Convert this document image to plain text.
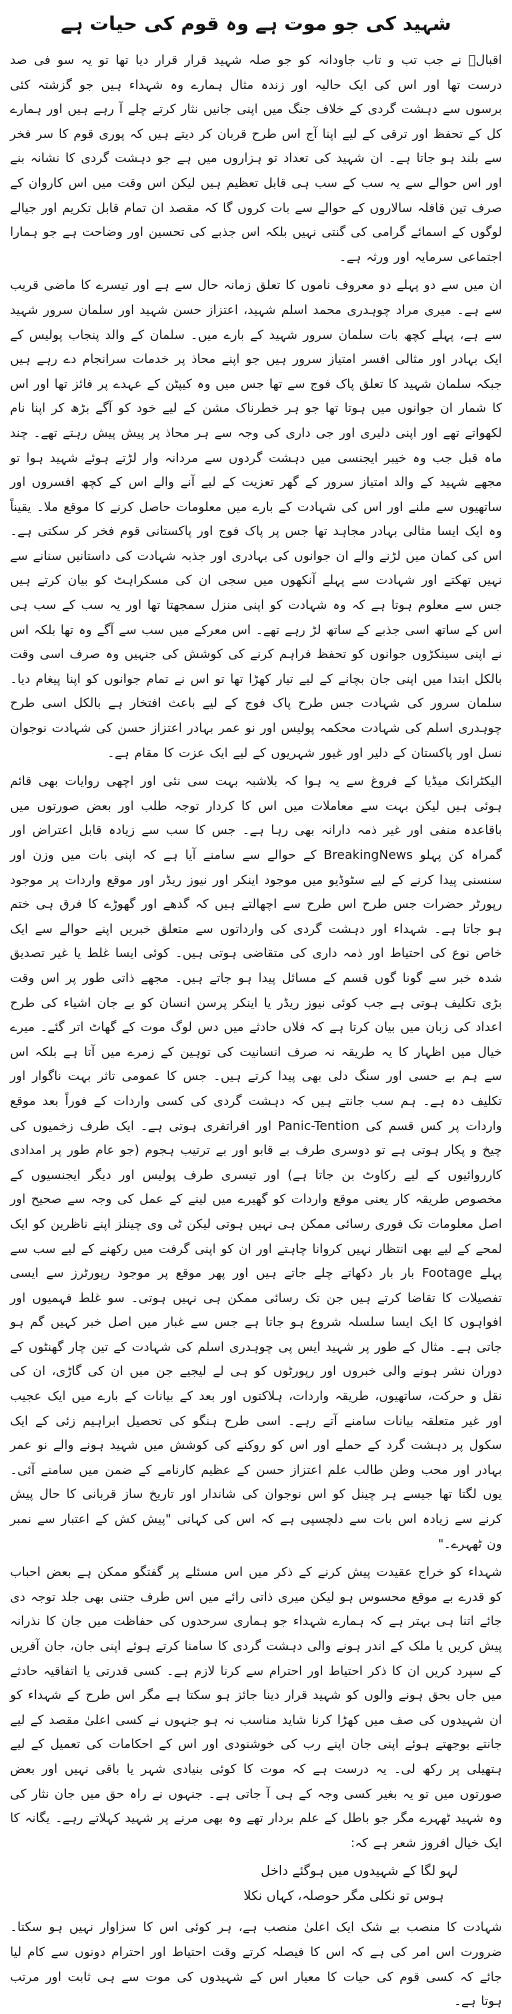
شہید کی جو موت ہے وہ قوم کی حیات ہے

اقبالؒ نے جب تب و تاب جاودانہ کو جو صلہ شہید قرار قرار دیا تھا تو یہ سو فی صد درست تھا اور اس کی ایک حالیہ اور زندہ مثال ہمارے وہ شہداء ہیں جو گزشتہ کئی برسوں سے دہشت گردی کے خلاف جنگ میں اپنی جانیں نثار کرتے چلے آ رہے ہیں اور ہمارے کل کے تحفظ اور ترقی کے لیے اپنا آج اس طرح قربان کر دیتے ہیں کہ پوری قوم کا سر فخر سے بلند ہو جاتا ہے۔ ان شہید کی تعداد تو ہزاروں میں ہے جو دہشت گردی کا نشانہ بنے اور اس حوالے سے یہ سب کے سب ہی قابل تعظیم ہیں لیکن اس وقت میں اس کاروان کے صرف تین قافلہ سالاروں کے حوالے سے بات کروں گا کہ مقصد ان تمام قابل تکریم اور جیالے لوگوں کے اسمائے گرامی کی گنتی نہیں بلکہ اس جذبے کی تحسین اور وضاحت ہے جو ہمارا اجتماعی سرمایہ اور ورثہ ہے۔

ان میں سے دو پہلے دو معروف ناموں کا تعلق زمانہ حال سے ہے اور تیسرے کا ماضی قریب سے ہے۔ میری مراد چوہدری محمد اسلم شہید، اعتزاز حسن شہید اور سلمان سرور شہید سے ہے، پہلے کچھ بات سلمان سرور شہید کے بارے میں۔ سلمان کے والد پنجاب پولیس کے ایک بہادر اور مثالی افسر امتیاز سرور ہیں جو اپنے محاذ پر خدمات سرانجام دے رہے ہیں جبکہ سلمان شہید کا تعلق پاک فوج سے تھا جس میں وہ کیپٹن کے عہدے پر فائز تھا اور اس کا شمار ان جوانوں میں ہوتا تھا جو ہر خطرناک مشن کے لیے خود کو آگے بڑھ کر اپنا نام لکھواتے تھے اور اپنی دلیری اور جی داری کی وجہ سے ہر محاذ پر پیش پیش رہتے تھے۔ چند ماہ قبل جب وہ خیبر ایجنسی میں دہشت گردوں سے مردانہ وار لڑتے ہوئے شہید ہوا تو مجھے شہید کے والد امتیاز سرور کے گھر تعزیت کے لیے آنے والے اس کے کچھ افسروں اور ساتھیوں سے ملنے اور اس کی شہادت کے بارے میں معلومات حاصل کرنے کا موقع ملا۔ یقیناً وہ ایک ایسا مثالی بہادر مجاہد تھا جس پر پاک فوج اور پاکستانی قوم فخر کر سکتی ہے۔ اس کی کمان میں لڑنے والے ان جوانوں کی بہادری اور جذبہ شہادت کی داستانیں سنانے سے نہیں تھکتے اور شہادت سے پہلے آنکھوں میں سجی ان کی مسکراہٹ کو بیان کرتے ہیں جس سے معلوم ہوتا ہے کہ وہ شہادت کو اپنی منزل سمجھتا تھا اور یہ سب کے سب ہی اس کے ساتھ اسی جذبے کے ساتھ لڑ رہے تھے۔ اس معرکے میں سب سے آگے وہ تھا بلکہ اس نے اپنی سینکڑوں جوانوں کو تحفظ فراہم کرنے کی کوشش کی جنہیں وہ صرف اسی وقت بالکل ابتدا میں اپنی جان بچانے کے لیے تیار کھڑا تھا تو اس نے تمام جوانوں کو اپنا پیغام دیا۔ سلمان سرور کی شہادت جس طرح پاک فوج کے لیے باعث افتخار ہے بالکل اسی طرح چوہدری اسلم کی شہادت محکمہ پولیس اور نو عمر بہادر اعتزاز حسن کی شہادت نوجوان نسل اور پاکستان کے دلیر اور غیور شہریوں کے لیے ایک عزت کا مقام ہے۔

الیکٹرانک میڈیا کے فروغ سے یہ ہوا کہ بلاشبہ بہت سی نئی اور اچھی روایات بھی قائم ہوئی ہیں لیکن بہت سے معاملات میں اس کا کردار توجہ طلب اور بعض صورتوں میں باقاعدہ منفی اور غیر ذمہ دارانہ بھی رہا ہے۔ جس کا سب سے زیادہ قابل اعتراض اور گمراہ کن پہلو BreakingNews کے حوالے سے سامنے آیا ہے کہ اپنی بات میں وزن اور سنسنی پیدا کرنے کے لیے سٹوڈیو میں موجود اینکر اور نیوز ریڈر اور موقع واردات پر موجود رپورٹر حضرات جس طرح اس طرح سے اچھالتے ہیں کہ گدھے اور گھوڑے کا فرق ہی ختم ہو جاتا ہے۔ شہداء اور دہشت گردی کی وارداتوں سے متعلق خبریں اپنے حوالے سے ایک خاص نوع کی احتیاط اور ذمہ داری کی متقاضی ہوتی ہیں۔ کوئی ایسا غلط یا غیر تصدیق شدہ خبر سے گونا گوں قسم کے مسائل پیدا ہو جاتے ہیں۔ مجھے ذاتی طور پر اس وقت بڑی تکلیف ہوتی ہے جب کوئی نیوز ریڈر یا اینکر پرسن انسان کو بے جان اشیاء کی طرح اعداد کی زبان میں بیان کرتا ہے کہ فلاں حادثے میں دس لوگ موت کے گھاٹ اتر گئے۔ میرے خیال میں اظہار کا یہ طریقہ نہ صرف انسانیت کی توہین کے زمرے میں آتا ہے بلکہ اس سے ہم بے حسی اور سنگ دلی بھی پیدا کرتے ہیں۔ جس کا عمومی تاثر بہت ناگوار اور تکلیف دہ ہے۔ ہم سب جانتے ہیں کہ دہشت گردی کی کسی واردات کے فوراً بعد موقع واردات پر کس قسم کی Panic-Tention اور افراتفری ہوتی ہے۔ ایک طرف زخمیوں کی چیخ و پکار ہوتی ہے تو دوسری طرف بے قابو اور بے ترتیب ہجوم (جو عام طور پر امدادی کارروائیوں کے لیے رکاوٹ بن جاتا ہے) اور تیسری طرف پولیس اور دیگر ایجنسیوں کے مخصوص طریقہ کار یعنی موقع واردات کو گھیرے میں لینے کے عمل کی وجہ سے صحیح اور اصل معلومات تک فوری رسائی ممکن ہی نہیں ہوتی لیکن ٹی وی چینلز اپنے ناظرین کو ایک لمحے کے لیے بھی انتظار نہیں کروانا چاہتے اور ان کو اپنی گرفت میں رکھنے کے لیے سب سے پہلے Footage بار بار دکھاتے چلے جاتے ہیں اور پھر موقع پر موجود رپورٹرز سے ایسی تفصیلات کا تقاضا کرتے ہیں جن تک رسائی ممکن ہی نہیں ہوتی۔ سو غلط فہمیوں اور افواہوں کا ایک ایسا سلسلہ شروع ہو جاتا ہے جس سے غبار میں اصل خبر کہیں گم ہو جاتی ہے۔ مثال کے طور پر شہید ایس پی چوہدری اسلم کی شہادت کے تین چار گھنٹوں کے دوران نشر ہونے والی خبروں اور رپورٹوں کو ہی لے لیجیے جن میں ان کی گاڑی، ان کی نقل و حرکت، ساتھیوں، طریقہ واردات، ہلاکتوں اور بعد کے بیانات کے بارے میں ایک عجیب اور غیر متعلقہ بیانات سامنے آتے رہے۔ اسی طرح ہنگو کی تحصیل ابراہیم زئی کے ایک سکول پر دہشت گرد کے حملے اور اس کو روکنے کی کوشش میں شہید ہونے والے نو عمر بہادر اور محب وطن طالب علم اعتزاز حسن کے عظیم کارنامے کے ضمن میں سامنے آئی۔ یوں لگتا تھا جیسے ہر چینل کو اس نوجوان کی شاندار اور تاریخ ساز قربانی کا حال پیش کرنے سے زیادہ اس بات سے دلچسپی ہے کہ اس کی کہانی "پیش کش کے اعتبار سے نمبر ون ٹھہرے۔"

شہداء کو خراج عقیدت پیش کرنے کے ذکر میں اس مسئلے پر گفتگو ممکن ہے بعض احباب کو قدرے بے موقع محسوس ہو لیکن میری ذاتی رائے میں اس طرف جتنی بھی جلد توجہ دی جائے اتنا ہی بہتر ہے کہ ہمارے شہداء جو ہماری سرحدوں کی حفاظت میں جان کا نذرانہ پیش کریں یا ملک کے اندر ہونے والی دہشت گردی کا سامنا کرتے ہوئے اپنی جان، جان آفریں کے سپرد کریں ان کا ذکر احتیاط اور احترام سے کرنا لازم ہے۔ کسی قدرتی یا اتفاقیہ حادثے میں جاں بحق ہونے والوں کو شہید قرار دینا جائز ہو سکتا ہے مگر اس طرح کے شہداء کو ان شہیدوں کی صف میں کھڑا کرنا شاید مناسب نہ ہو جنہوں نے کسی اعلیٰ مقصد کے لیے جانتے بوجھتے ہوئے اپنی جان اپنے رب کی خوشنودی اور اس کے احکامات کی تعمیل کے لیے ہتھیلی پر رکھ لی۔ یہ درست ہے کہ موت کا کوئی بنیادی شہر یا باقی نہیں اور بعض صورتوں میں تو یہ بغیر کسی وجہ کے ہی آ جاتی ہے۔ جنہوں نے راہ حق میں جان نثار کی وہ شہید ٹھہرے مگر جو باطل کے علم بردار تھے وہ بھی مرنے پر شہید کہلاتے رہے۔ یگانہ کا ایک خیال افروز شعر ہے کہ:

لہو لگا کے شہیدوں میں ہوگئے داخل
ہوس تو نکلی مگر حوصلہ، کہاں نکلا

شہادت کا منصب بے شک ایک اعلیٰ منصب ہے، ہر کوئی اس کا سزاوار نہیں ہو سکتا۔ ضرورت اس امر کی ہے کہ اس کا فیصلہ کرتے وقت احتیاط اور احترام دونوں سے کام لیا جائے کہ کسی قوم کی حیات کا معیار اس کے شہیدوں کی موت سے ہی ثابت اور مرتب ہوتا ہے۔
